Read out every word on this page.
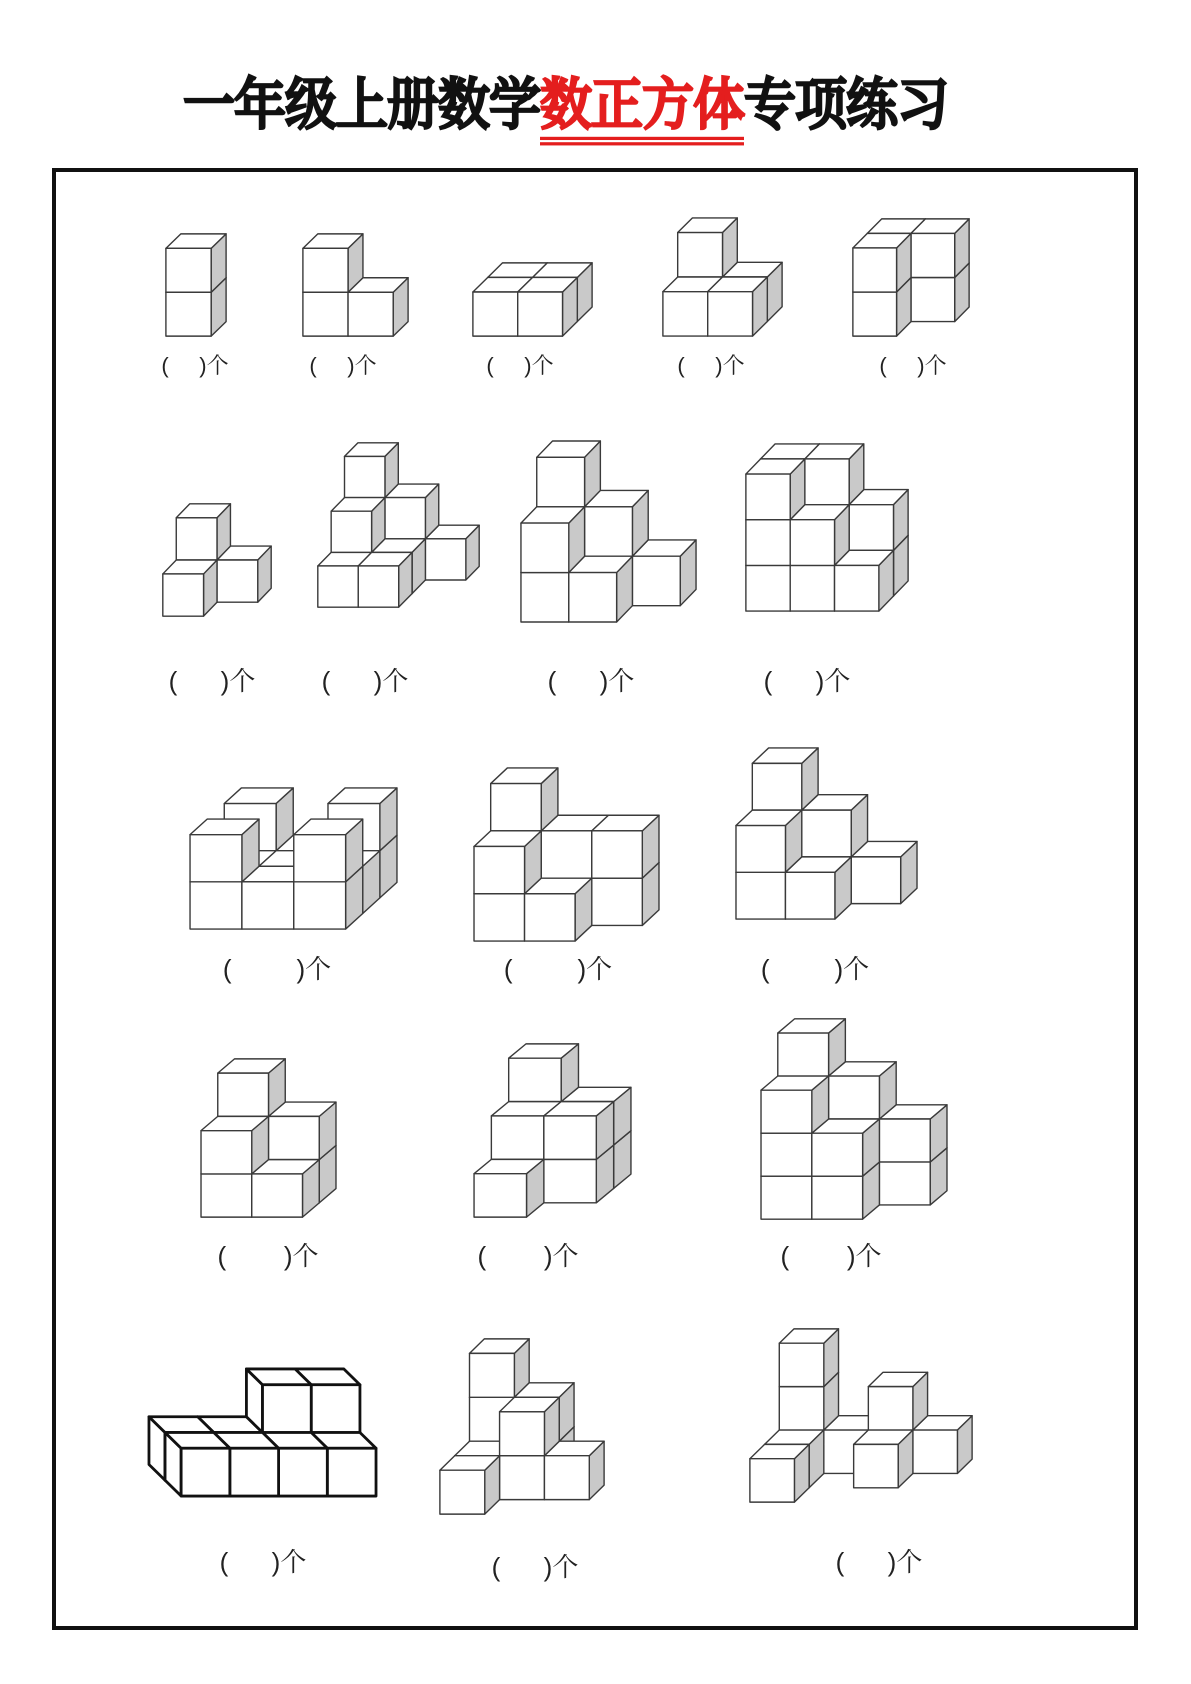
一年级上册数学数正方体专项练习
(     )个	(     )个	(     )个	(     )个	(     )个
(      )个	(      )个	(      )个	(      )个
(         )个	(         )个	(         )个
(        )个	(        )个	(        )个
(      )个	(      )个	(      )个
